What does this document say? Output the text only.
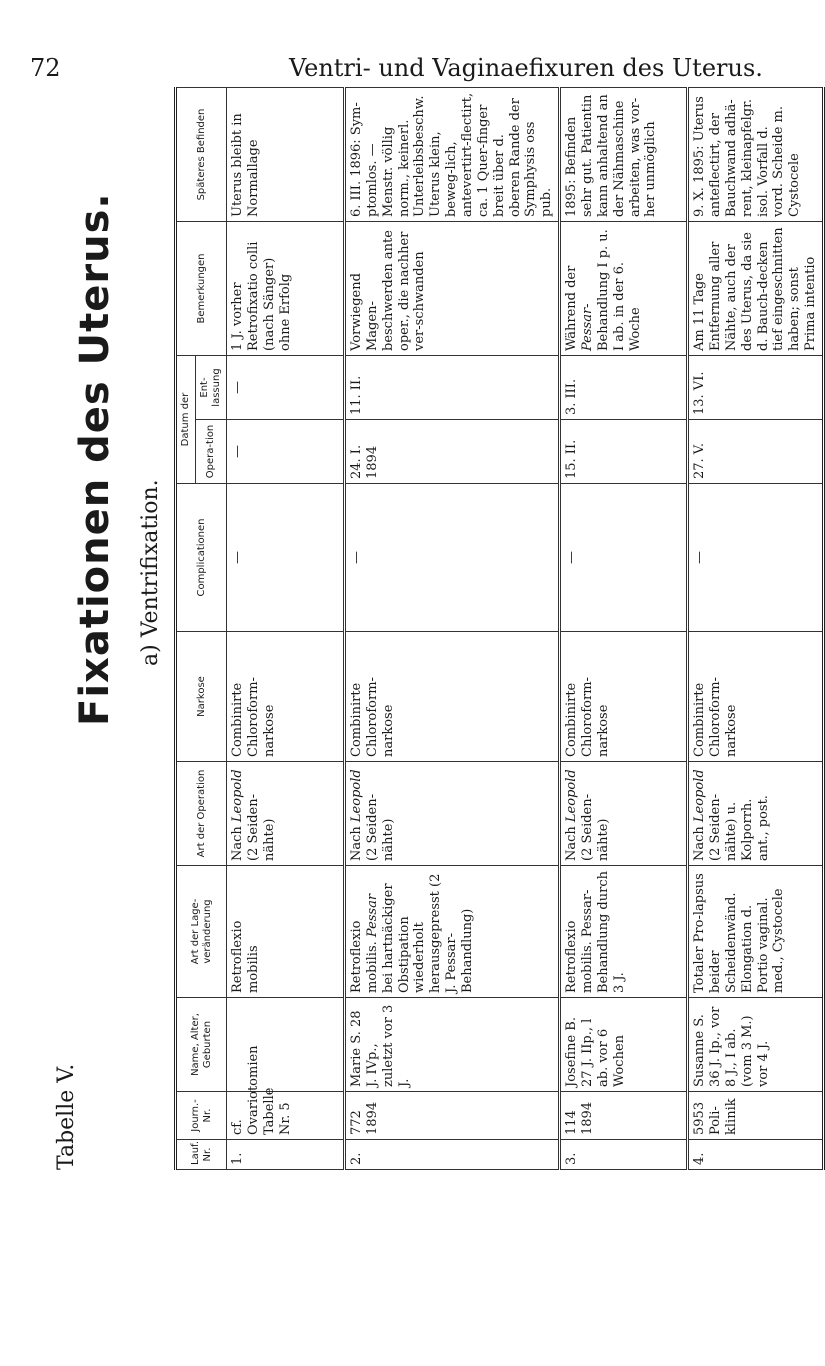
72	Ventri- und Vaginaefixuren des Uterus.
Tabelle V.
Fixationen des Uterus. a) Ventrifixation.
Lauf. Nr.	Journ.-Nr.	Name, Alter, Geburten	Art der Lage-veränderung	Art der Operation	Narkose	Complicationen	Datum der		Bemerkungen	Späteres Befinden
							Opera-tion	Ent-lassung		
1.	cf. Ovariotomien Tabelle Nr. 5		Retroflexio mobilis	Nach Leopold (2 Seiden-nähte)	Combinirte Chloroform-narkose	—	—	—	1 J. vorher Retrofixatio colli (nach Sänger) ohne Erfolg	Uterus bleibt in Normallage
2.	772 1894	Marie S. 28 J. IVp., zuletzt vor 3 J.	Retroflexio mobilis. Pessar bei hartnäckiger Obstipation wiederholt herausgepresst (2 J. Pessar-Behandlung)	Nach Leopold (2 Seiden-nähte)	Combinirte Chloroform-narkose	—	24. I. 1894	11. II.	Vorwiegend Magen-beschwerden ante oper., die nachher ver-schwanden	6. III. 1896: Sym-ptomlos. — Menstr. völlig norm., keinerl. Unterleibsbeschw. Uterus klein, beweg-lich, antevertirt-flectirt, ca. 1 Quer-finger breit über d. oberen Rande der Symphysis oss pub.
3.	114 1894	Josefine B. 27 J. IIp., l ab. vor 6 Wochen	Retroflexio mobilis. Pessar-Behandlung durch 3 J.	Nach Leopold (2 Seiden-nähte)	Combinirte Chloroform-narkose	—	15. II.	3. III.	Während der Pessar- Behandlung I p. u. I ab. in der 6. Woche	1895: Befinden sehr gut. Patientin kann anhaltend an der Nähmaschine arbeiten, was vor-her unmöglich
4.	5953 Poli-klinik	Susanne S. 36 J. Ip., vor 8 J., I ab. (vom 3 M.) vor 4 J.	Totaler Pro-lapsus beider Scheidenwänd. Elongation d. Portio vaginal. med., Cystocele	Nach Leopold (2 Seiden-nähte) u. Kolporrh. ant., post.	Combinirte Chloroform-narkose	—	27. V.	13. VI.	Am 11 Tage Entfernung aller Nähte, auch der des Uterus, da sie d. Bauch-decken tief eingeschnitten haben; sonst Prima intentio	9. X. 1895: Uterus anteflectirt, der Bauchwand adhä-rent, kleinapfelgr. isol. Vorfall d. vord. Scheide m. Cystocele
